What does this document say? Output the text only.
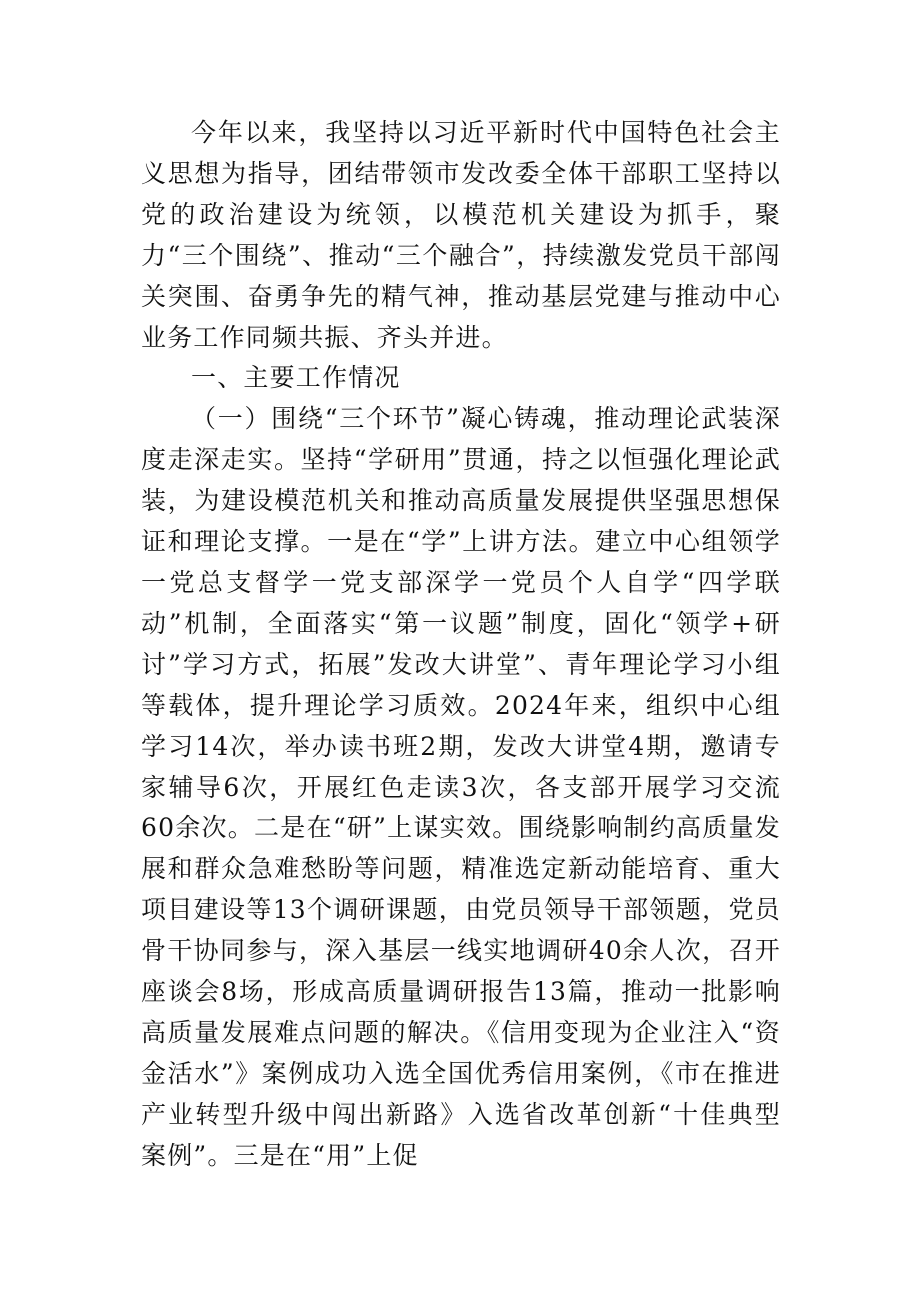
今年以来，我坚持以习近平新时代中国特色社会主义思想为指导，团结带领市发改委全体干部职工坚持以党的政治建设为统领，以模范机关建设为抓手，聚力“三个围绕”、推动“三个融合”，持续激发党员干部闯关突围、奋勇争先的精气神，推动基层党建与推动中心业务工作同频共振、齐头并进。

一、主要工作情况

（一）围绕“三个环节”凝心铸魂，推动理论武装深度走深走实。坚持“学研用”贯通，持之以恒强化理论武装，为建设模范机关和推动高质量发展提供坚强思想保证和理论支撑。一是在“学”上讲方法。建立中心组领学一党总支督学一党支部深学一党员个人自学“四学联动”机制，全面落实“第一议题”制度，固化“领学+研讨”学习方式，拓展”发改大讲堂”、青年理论学习小组等载体，提升理论学习质效。2024年来，组织中心组学习14次，举办读书班2期，发改大讲堂4期，邀请专家辅导6次，开展红色走读3次，各支部开展学习交流60余次。二是在“研”上谋实效。围绕影响制约高质量发展和群众急难愁盼等问题，精准选定新动能培育、重大项目建设等13个调研课题，由党员领导干部领题，党员骨干协同参与，深入基层一线实地调研40余人次，召开座谈会8场，形成高质量调研报告13篇，推动一批影响高质量发展难点问题的解决。《信用变现为企业注入“资金活水”》案例成功入选全国优秀信用案例，《市在推进产业转型升级中闯出新路》入选省改革创新“十佳典型案例”。三是在“用”上促
